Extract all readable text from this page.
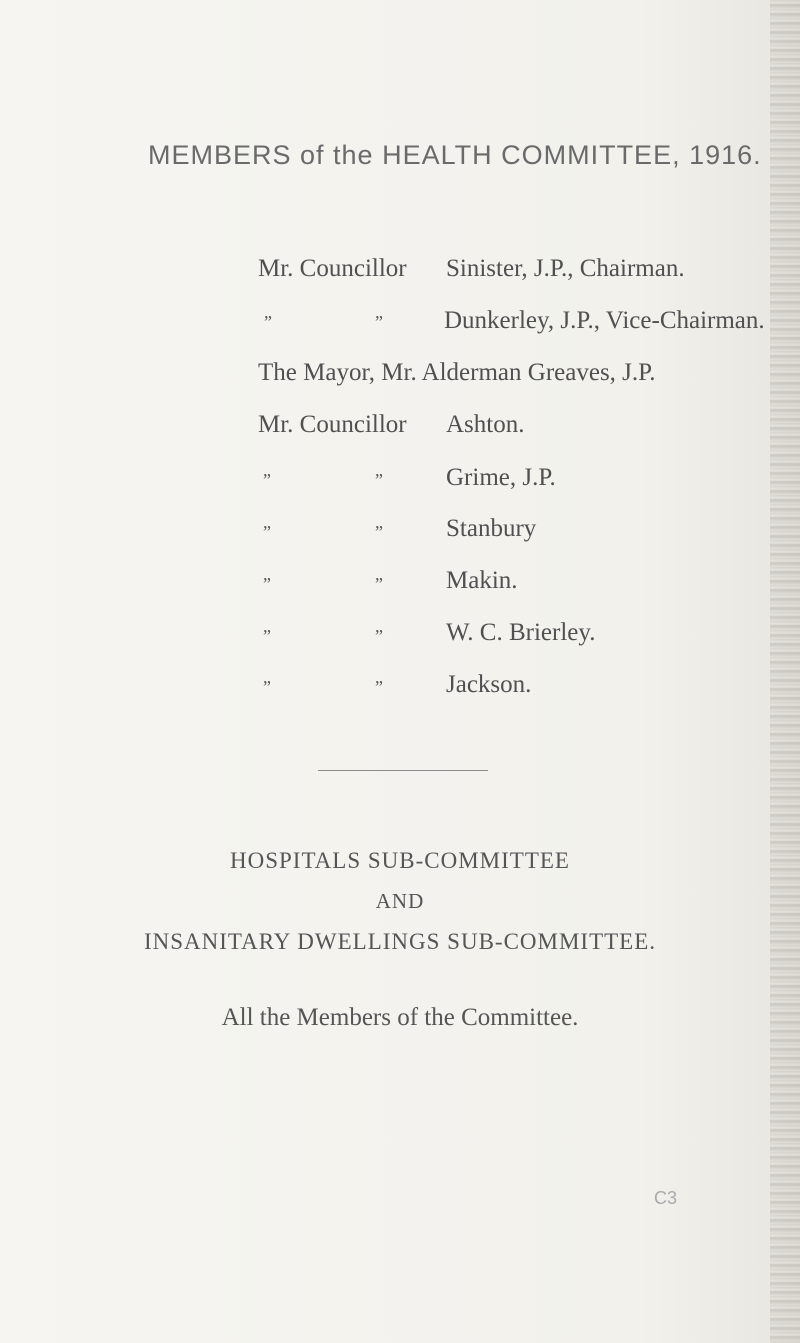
MEMBERS of the HEALTH COMMITTEE, 1916.
Mr. Councillor Sinister, J.P., Chairman.
”	” Dunkerley, J.P., Vice-Chairman.
The Mayor, Mr. Alderman Greaves, J.P.
Mr. Councillor Ashton.
”	”	Grime, J.P.
”	”	Stanbury
”	”	Makin.
”	”	W. C. Brierley.
”	”	Jackson.
HOSPITALS SUB-COMMITTEE
AND
INSANITARY DWELLINGS SUB-COMMITTEE.
All the Members of the Committee.
C3
